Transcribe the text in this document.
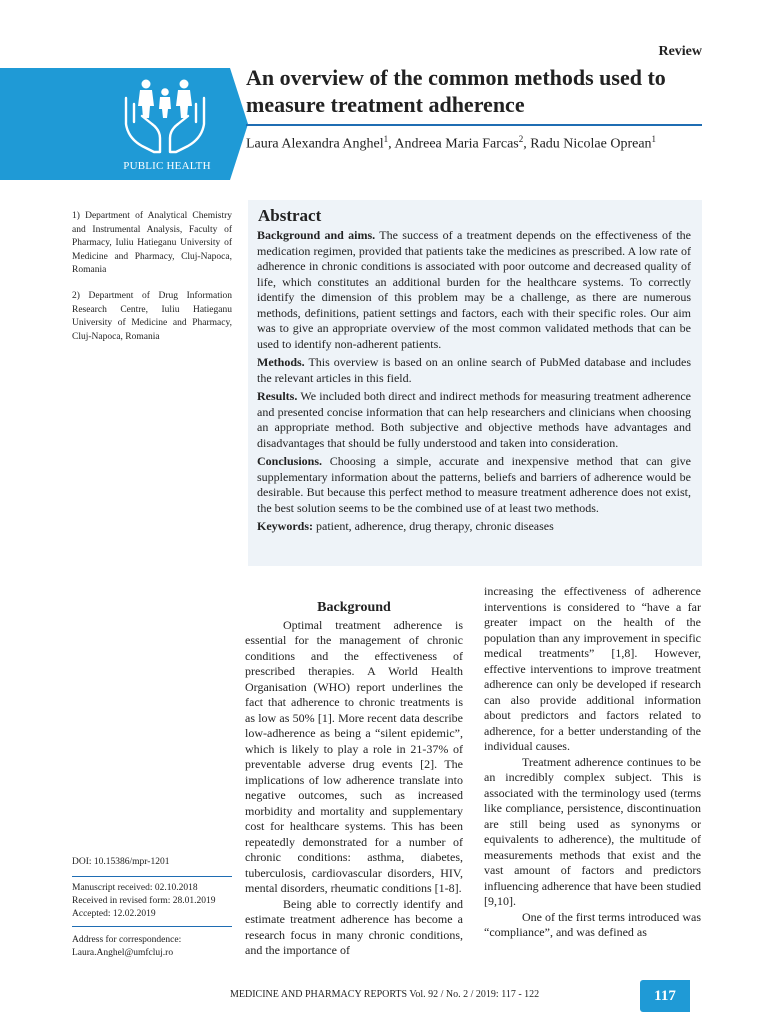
Review
PUBLIC HEALTH
An overview of the common methods used to measure treatment adherence
Laura Alexandra Anghel$^1$, Andreea Maria Farcas$^2$, Radu Nicolae Oprean$^1$
1) Department of Analytical Chemistry and Instrumental Analysis, Faculty of Pharmacy, Iuliu Hatieganu University of Medicine and Pharmacy, Cluj-Napoca, Romania
2) Department of Drug Information Research Centre, Iuliu Hatieganu University of Medicine and Pharmacy, Cluj-Napoca, Romania
Abstract

Background and aims. The success of a treatment depends on the effectiveness of the medication regimen, provided that patients take the medicines as prescribed. A low rate of adherence in chronic conditions is associated with poor outcome and decreased quality of life, which constitutes an additional burden for the healthcare systems. To correctly identify the dimension of this problem may be a challenge, as there are numerous methods, definitions, patient settings and factors, each with their specific roles. Our aim was to give an appropriate overview of the most common validated methods that can be used to identify non-adherent patients.

Methods. This overview is based on an online search of PubMed database and includes the relevant articles in this field.

Results. We included both direct and indirect methods for measuring treatment adherence and presented concise information that can help researchers and clinicians when choosing an appropriate method. Both subjective and objective methods have advantages and disadvantages that should be fully understood and taken into consideration.

Conclusions. Choosing a simple, accurate and inexpensive method that can give supplementary information about the patterns, beliefs and barriers of adherence would be desirable. But because this perfect method to measure treatment adherence does not exist, the best solution seems to be the combined use of at least two methods.

Keywords: patient, adherence, drug therapy, chronic diseases

Background

Optimal treatment adherence is essential for the management of chronic conditions and the effectiveness of prescribed therapies. A World Health Organisation (WHO) report underlines the fact that adherence to chronic treatments is as low as 50% [1]. More recent data describe low-adherence as being a “silent epidemic”, which is likely to play a role in 21-37% of preventable adverse drug events [2]. The implications of low adherence translate into negative outcomes, such as increased morbidity and mortality and supplementary cost for healthcare systems. This has been repeatedly demonstrated for a number of chronic conditions: asthma, diabetes, tuberculosis, cardiovascular disorders, HIV, mental disorders, rheumatic conditions [1-8].

Being able to correctly identify and estimate treatment adherence has become a research focus in many chronic conditions, and the importance of

increasing the effectiveness of adherence interventions is considered to “have a far greater impact on the health of the population than any improvement in specific medical treatments” [1,8]. However, effective interventions to improve treatment adherence can only be developed if research can also provide additional information about predictors and factors related to adherence, for a better understanding of the individual causes.

Treatment adherence continues to be an incredibly complex subject. This is associated with the terminology used (terms like compliance, persistence, discontinuation are still being used as synonyms or equivalents to adherence), the multitude of measurements methods that exist and the vast amount of factors and predictors influencing adherence that have been studied [9,10].

One of the first terms introduced was “compliance”, and was defined as

DOI: 10.15386/mpr-1201
Manuscript received: 02.10.2018
Received in revised form: 28.01.2019
Accepted: 12.02.2019
Address for correspondence:
Laura.Anghel@umfcluj.ro
MEDICINE AND PHARMACY REPORTS Vol. 92 / No. 2 / 2019: 117 - 122	117
